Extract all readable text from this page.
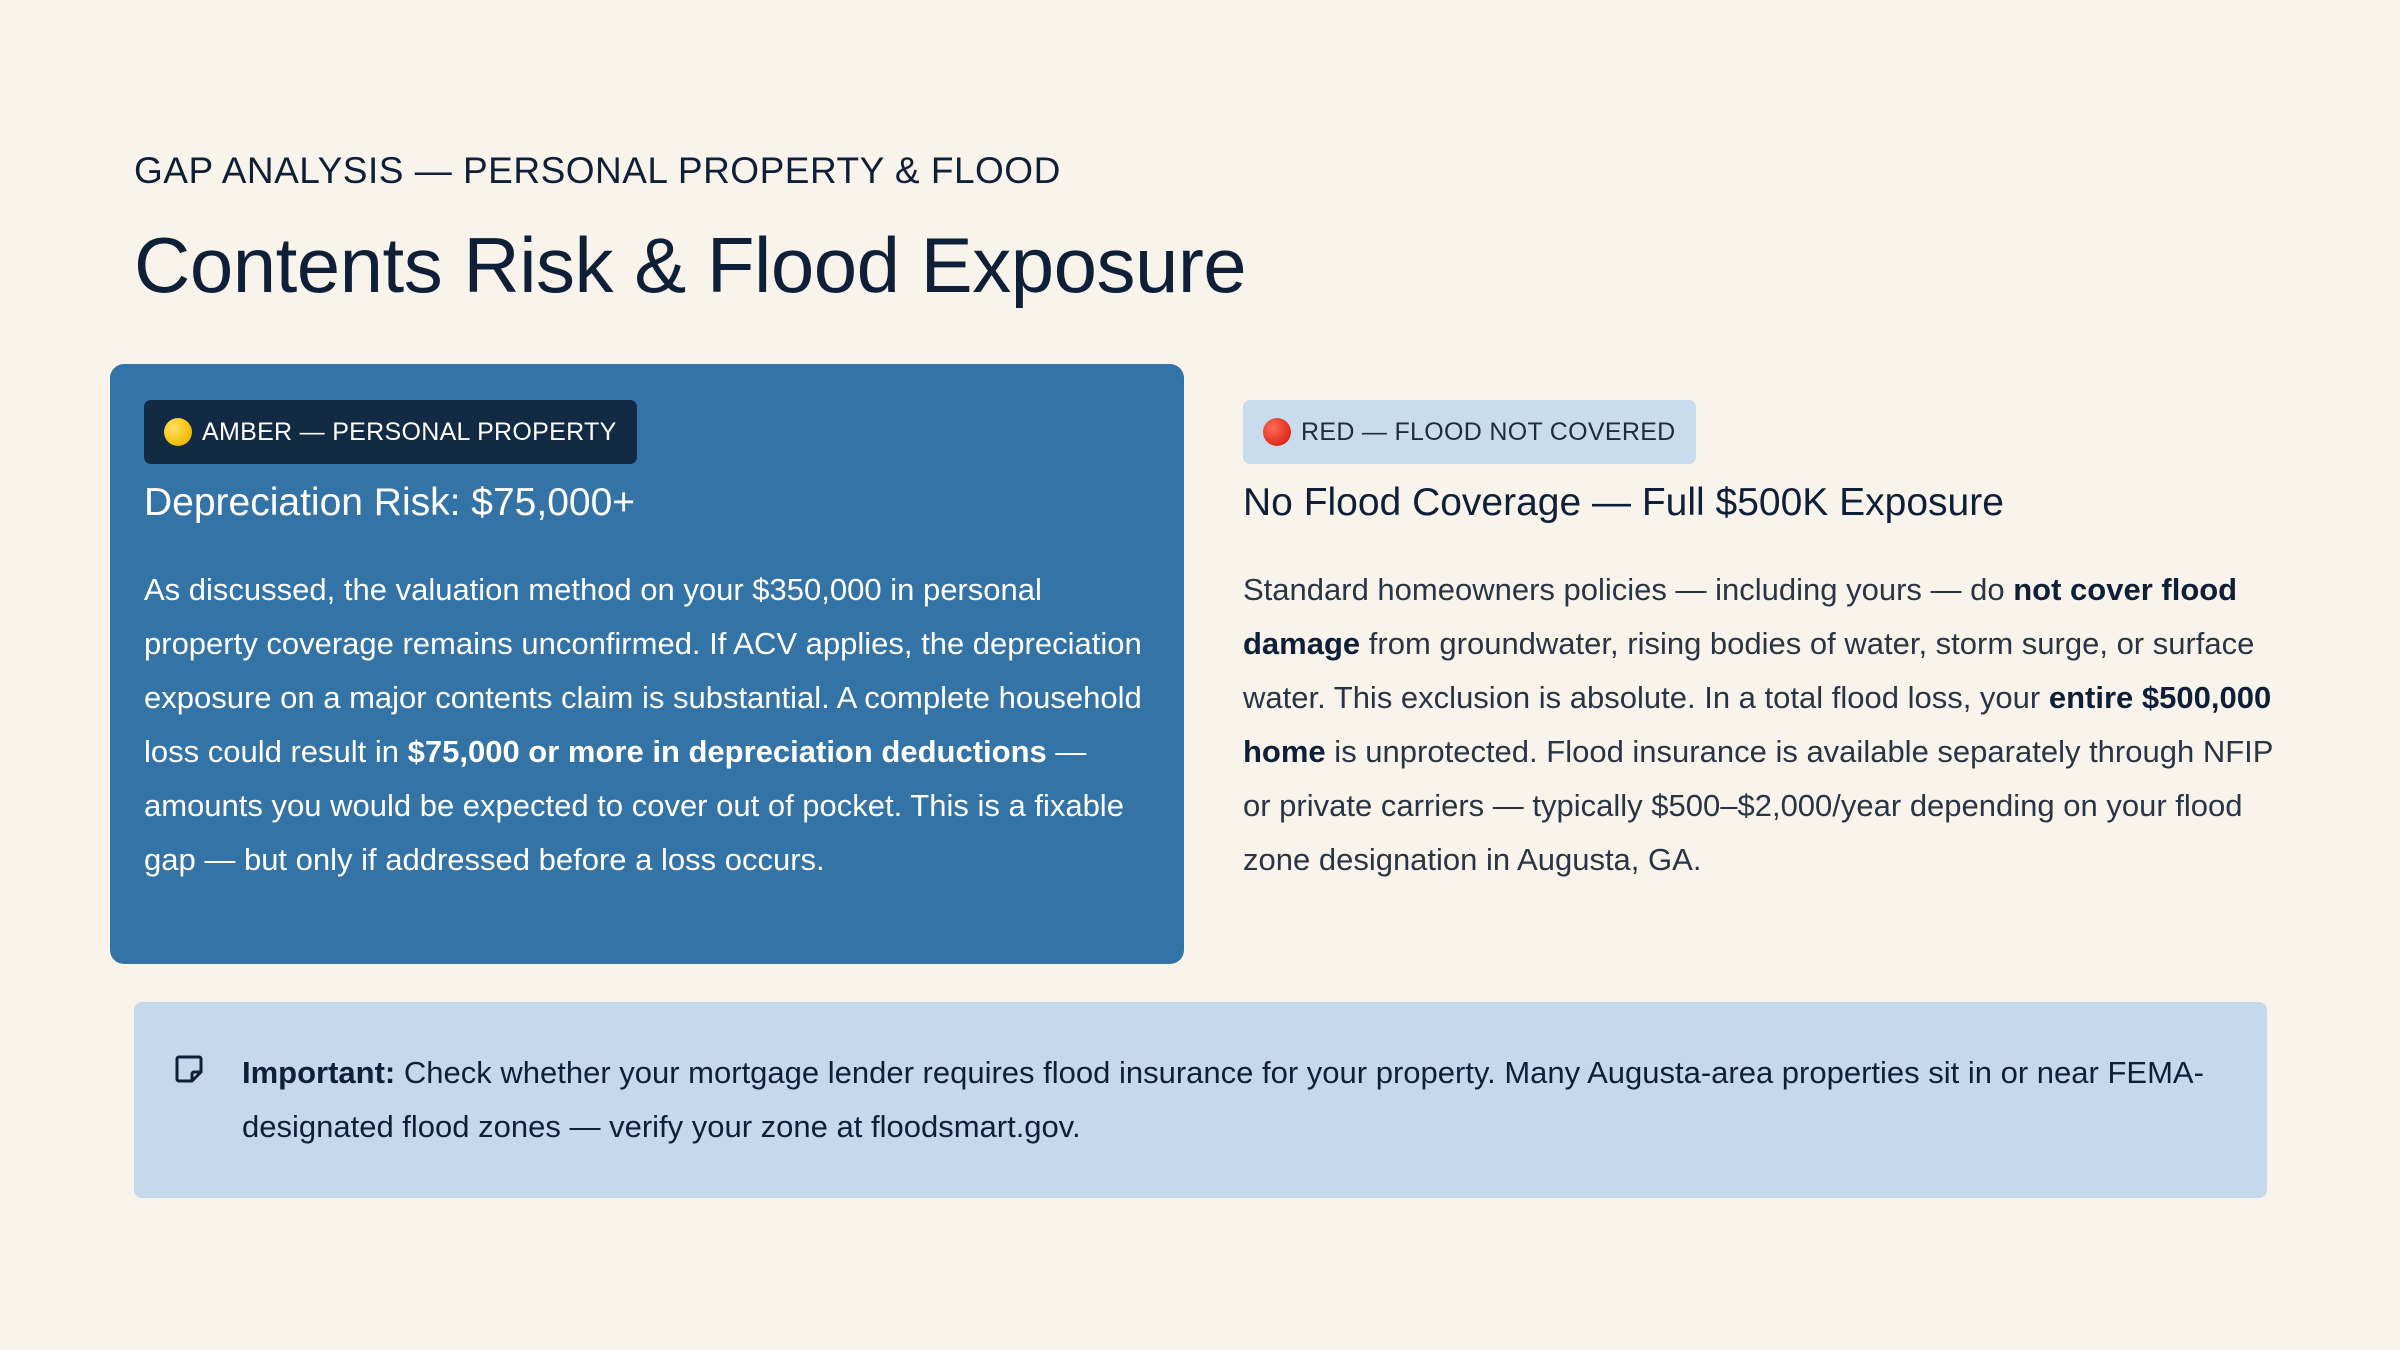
GAP ANALYSIS — PERSONAL PROPERTY & FLOOD

Contents Risk & Flood Exposure
AMBER — PERSONAL PROPERTY
Depreciation Risk: $75,000+

As discussed, the valuation method on your $350,000 in personal property coverage remains unconfirmed. If ACV applies, the depreciation exposure on a major contents claim is substantial. A complete household loss could result in $75,000 or more in depreciation deductions — amounts you would be expected to cover out of pocket. This is a fixable gap — but only if addressed before a loss occurs.

RED — FLOOD NOT COVERED
No Flood Coverage — Full $500K Exposure

Standard homeowners policies — including yours — do not cover flood damage from groundwater, rising bodies of water, storm surge, or surface water. This exclusion is absolute. In a total flood loss, your entire $500,000 home is unprotected. Flood insurance is available separately through NFIP or private carriers — typically $500–$2,000/year depending on your flood zone designation in Augusta, GA.

Important: Check whether your mortgage lender requires flood insurance for your property. Many Augusta-area properties sit in or near FEMA-designated flood zones — verify your zone at floodsmart.gov.
